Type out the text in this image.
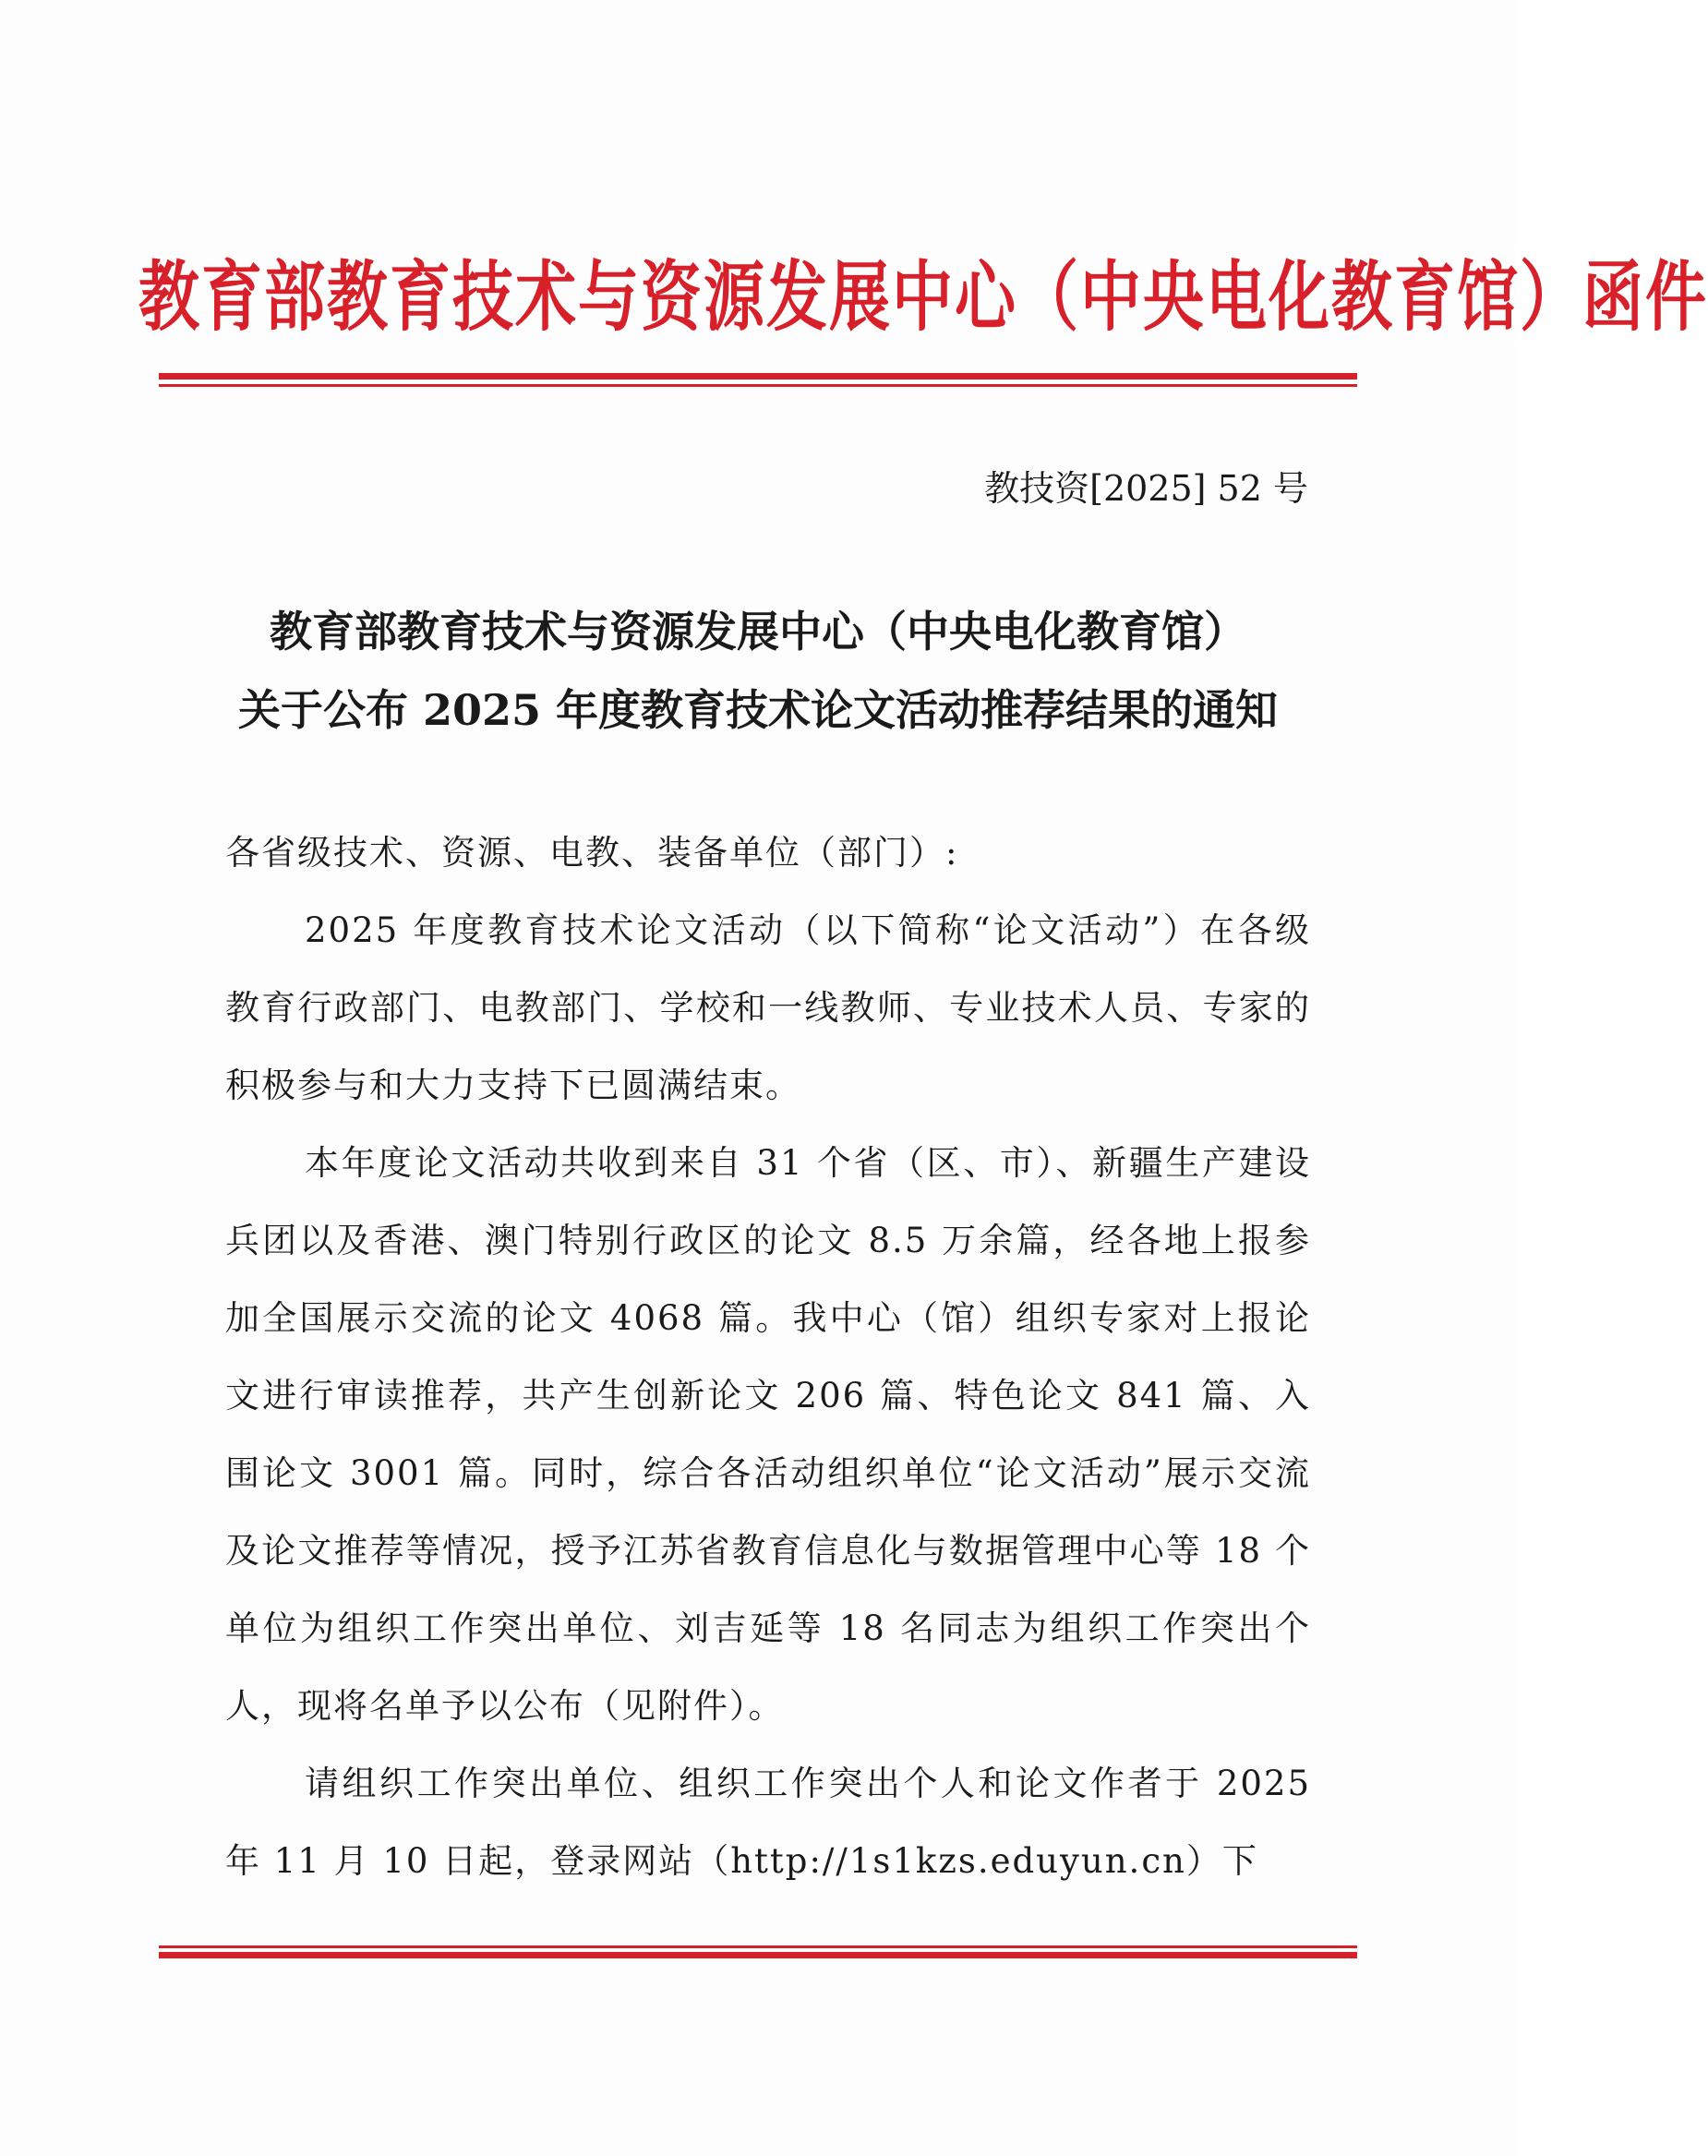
教育部教育技术与资源发展中心（中央电化教育馆）函件
教技资[2025] 52 号
教育部教育技术与资源发展中心（中央电化教育馆）
关于公布 2025 年度教育技术论文活动推荐结果的通知

各省级技术、资源、电教、装备单位（部门）:

2025 年度教育技术论文活动（以下简称“论文活动”）在各级教育行政部门、电教部门、学校和一线教师、专业技术人员、专家的积极参与和大力支持下已圆满结束。

本年度论文活动共收到来自 31 个省（区、市）、新疆生产建设兵团以及香港、澳门特别行政区的论文 8.5 万余篇，经各地上报参加全国展示交流的论文 4068 篇。我中心（馆）组织专家对上报论文进行审读推荐，共产生创新论文 206 篇、特色论文 841 篇、入围论文 3001 篇。同时，综合各活动组织单位“论文活动”展示交流及论文推荐等情况，授予江苏省教育信息化与数据管理中心等 18 个单位为组织工作突出单位、刘吉延等 18 名同志为组织工作突出个人，现将名单予以公布（见附件）。

请组织工作突出单位、组织工作突出个人和论文作者于 2025 年 11 月 10 日起，登录网站（http://1s1kzs.eduyun.cn）下
